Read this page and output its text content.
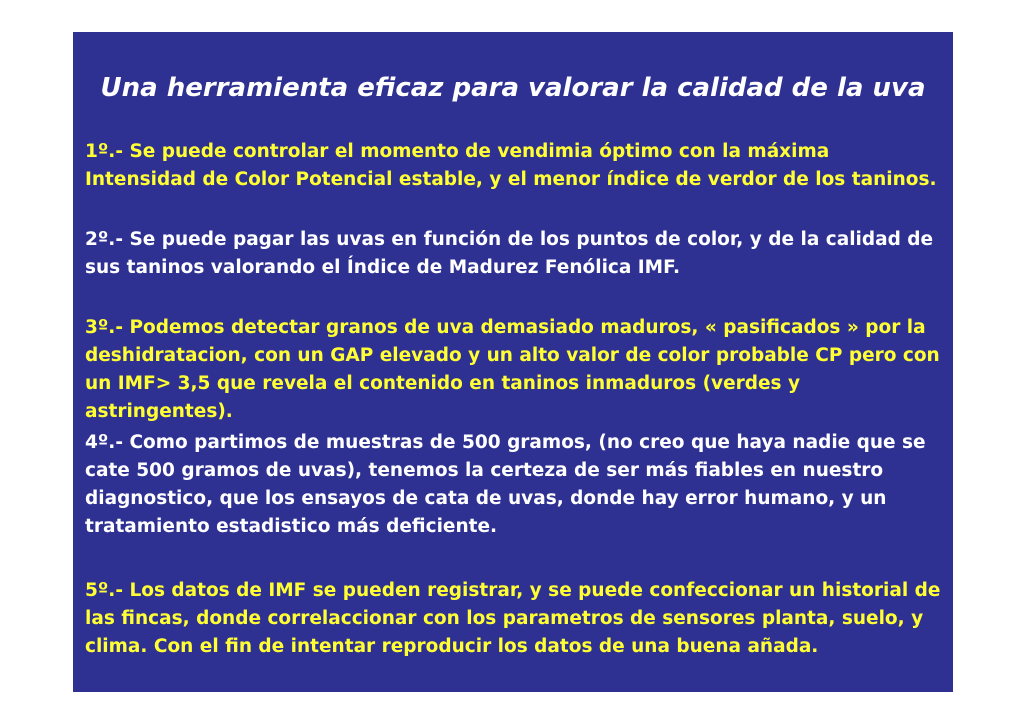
Una herramienta eficaz para valorar la calidad de la uva

1º.- Se puede controlar el momento de vendimia óptimo con la máxima Intensidad de Color Potencial estable, y el menor índice de verdor de los taninos.

2º.- Se puede pagar las uvas en función de los puntos de color, y de la calidad de sus taninos valorando el Índice de Madurez Fenólica IMF.

3º.- Podemos detectar granos de uva demasiado maduros, « pasificados » por la deshidratacion, con un GAP elevado y un alto valor de color probable CP pero con un IMF> 3,5 que revela el contenido en taninos inmaduros (verdes y astringentes).

4º.- Como partimos de muestras de 500 gramos, (no creo que haya nadie que se cate 500 gramos de uvas), tenemos la certeza de ser más fiables en nuestro diagnostico, que los ensayos de cata de uvas, donde hay error humano, y un tratamiento estadistico más deficiente.

5º.- Los datos de IMF se pueden registrar, y se puede confeccionar un historial de las fincas, donde correlaccionar con los parametros de sensores planta, suelo, y clima. Con el fin de intentar reproducir los datos de una buena añada.
